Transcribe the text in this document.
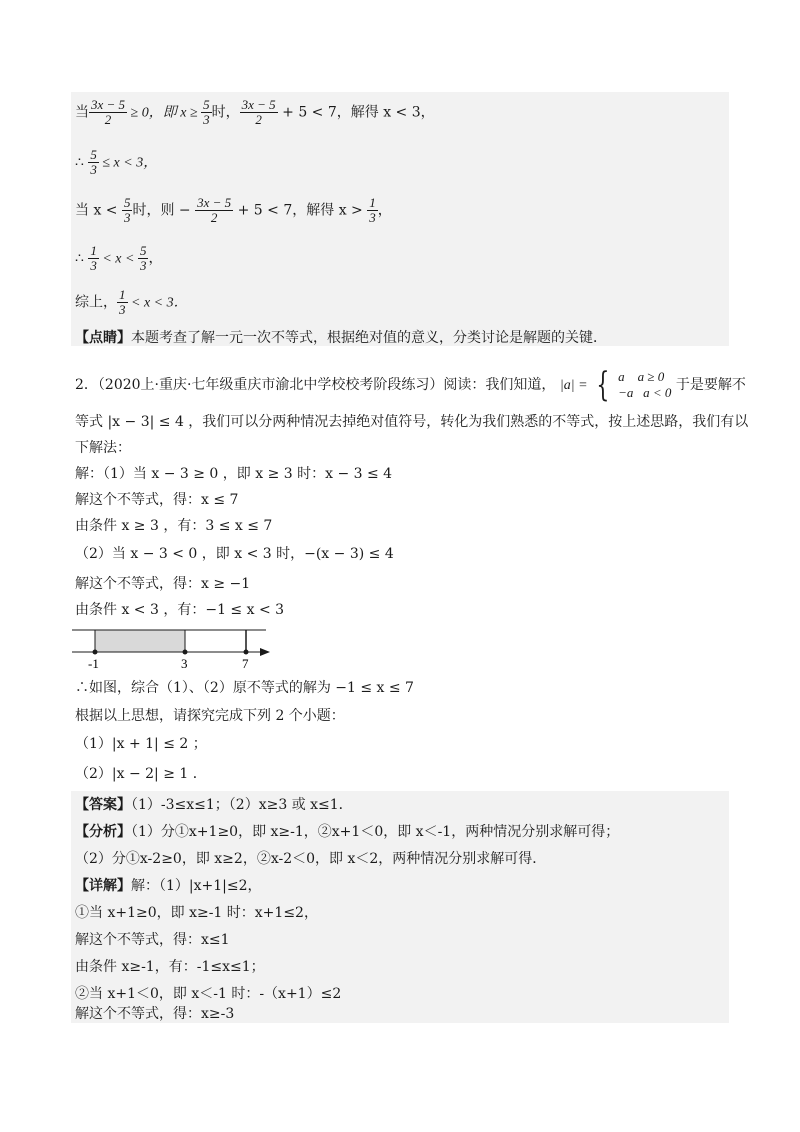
当 $\frac{3x - 5}{2} \ge 0$，即 $x \ge \frac{5}{3}$ 时， $\frac{3x - 5}{2} + 5 < 7$，解得 x < 3，
∴ $\frac{5}{3} \le x < 3$，
当 $x < \frac{5}{3}$ 时，则 − $\frac{3x - 5}{2} + 5 < 7$，解得 $x > \frac{1}{3}$ ，
∴ $\frac{1}{3} < x < \frac{5}{3}$ ，
综上， $\frac{1}{3} < x < 3$．
【点睛】本题考查了解一元一次不等式，根据绝对值的意义，分类讨论是解题的关键．
2．（2020上·重庆·七年级重庆市渝北中学校校考阶段练习）阅读：我们知道， |a| = { a a ≥ 0
−a a < 0 于是要解不
等式 |x − 3| ≤ 4 ，我们可以分两种情况去掉绝对值符号，转化为我们熟悉的不等式，按上述思路，我们有以
下解法：
解：（1）当 x − 3 ≥ 0 ，即 x ≥ 3 时：x − 3 ≤ 4
解这个不等式，得：x ≤ 7
由条件 x ≥ 3 ，有：3 ≤ x ≤ 7
（2）当 x − 3 < 0 ，即 x < 3 时，−(x − 3) ≤ 4
解这个不等式，得：x ≥ −1
由条件 x < 3 ，有：−1 ≤ x < 3
-1	3	7
∴如图，综合（1）、（2）原不等式的解为 −1 ≤ x ≤ 7
根据以上思想，请探究完成下列 2 个小题：
（1）|x + 1| ≤ 2 ；
（2）|x − 2| ≥ 1 ．
【答案】（1）-3≤x≤1；（2）x≥3 或 x≤1．
【分析】（1）分①x+1≥0，即 x≥-1，②x+1＜0，即 x＜-1，两种情况分别求解可得；
（2）分①x-2≥0，即 x≥2，②x-2＜0，即 x＜2，两种情况分别求解可得．
【详解】解：（1）|x+1|≤2，
①当 x+1≥0，即 x≥-1 时：x+1≤2，
解这个不等式，得：x≤1
由条件 x≥-1，有：-1≤x≤1；
②当 x+1＜0，即 x＜-1 时：-（x+1）≤2
解这个不等式，得：x≥-3
